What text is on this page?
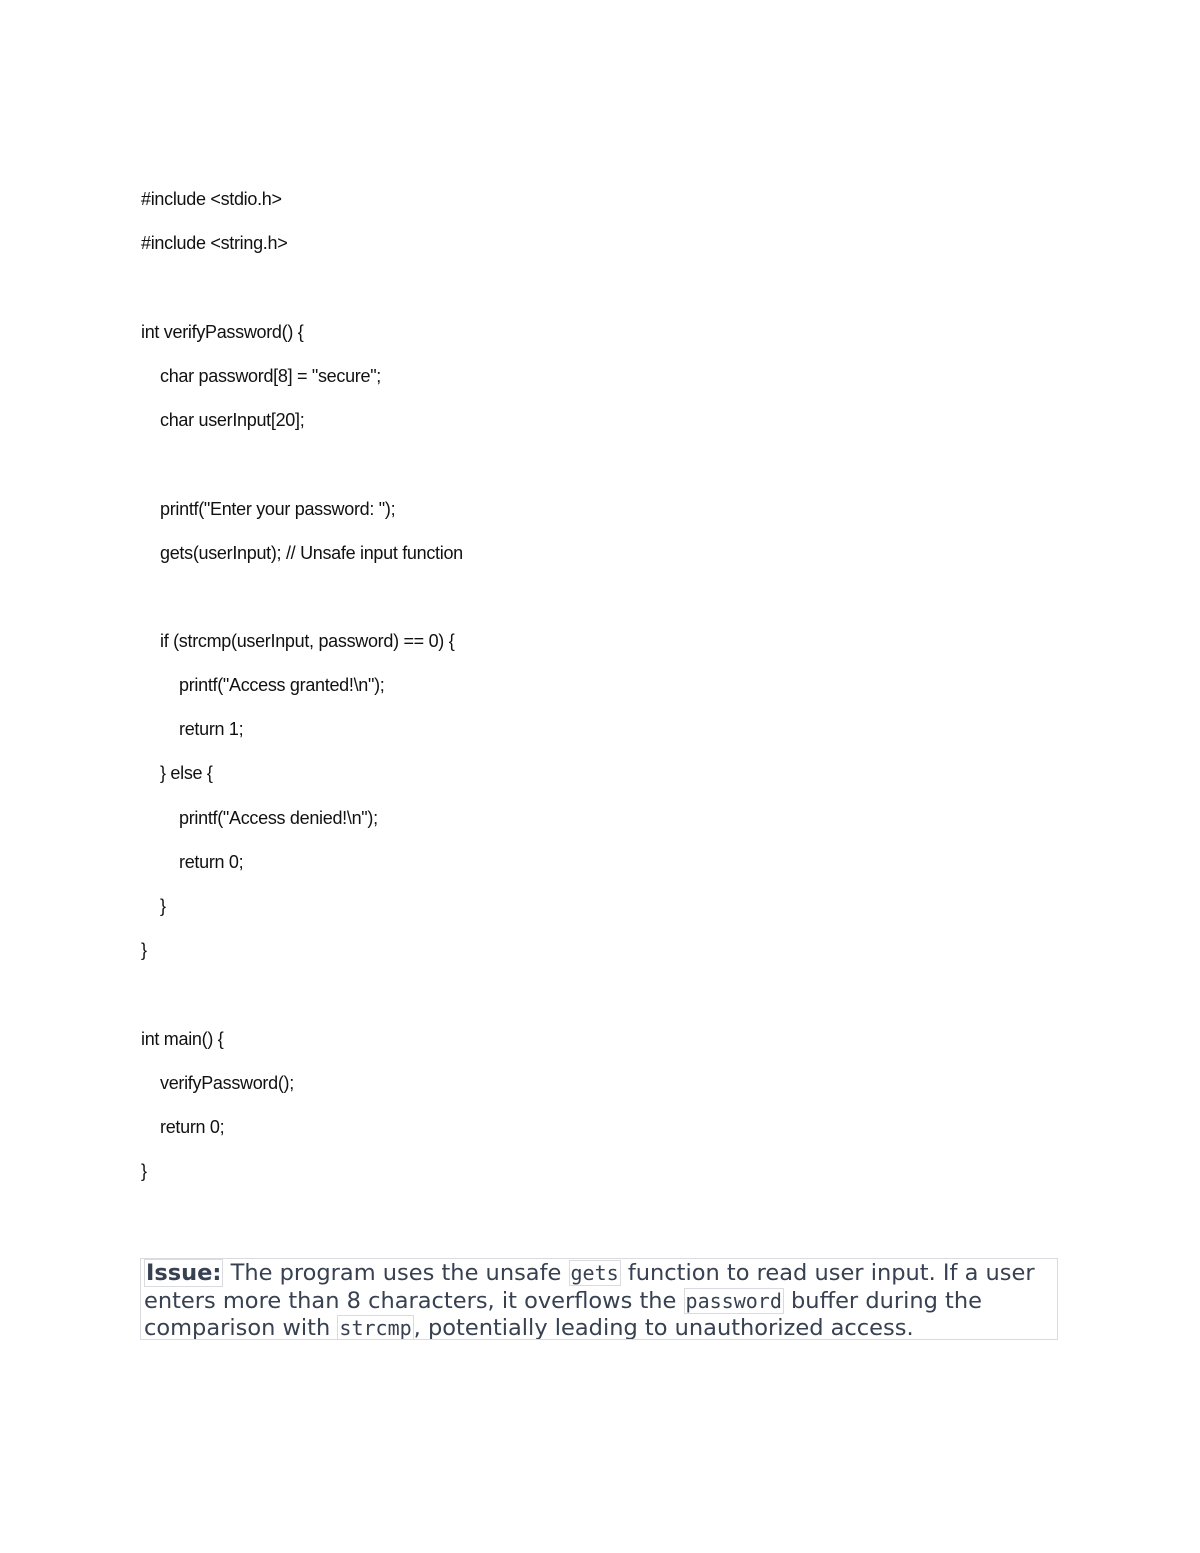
#include <stdio.h>
#include <string.h>
int verifyPassword() {
char password[8] = "secure";
char userInput[20];
printf("Enter your password: ");
gets(userInput); // Unsafe input function
if (strcmp(userInput, password) == 0) {
printf("Access granted!\n");
return 1;
} else {
printf("Access denied!\n");
return 0;
}
}
int main() {
verifyPassword();
return 0;
}
Issue: The program uses the unsafe gets function to read user input. If a user enters more than 8 characters, it overflows the password buffer during the comparison with strcmp, potentially leading to unauthorized access.
